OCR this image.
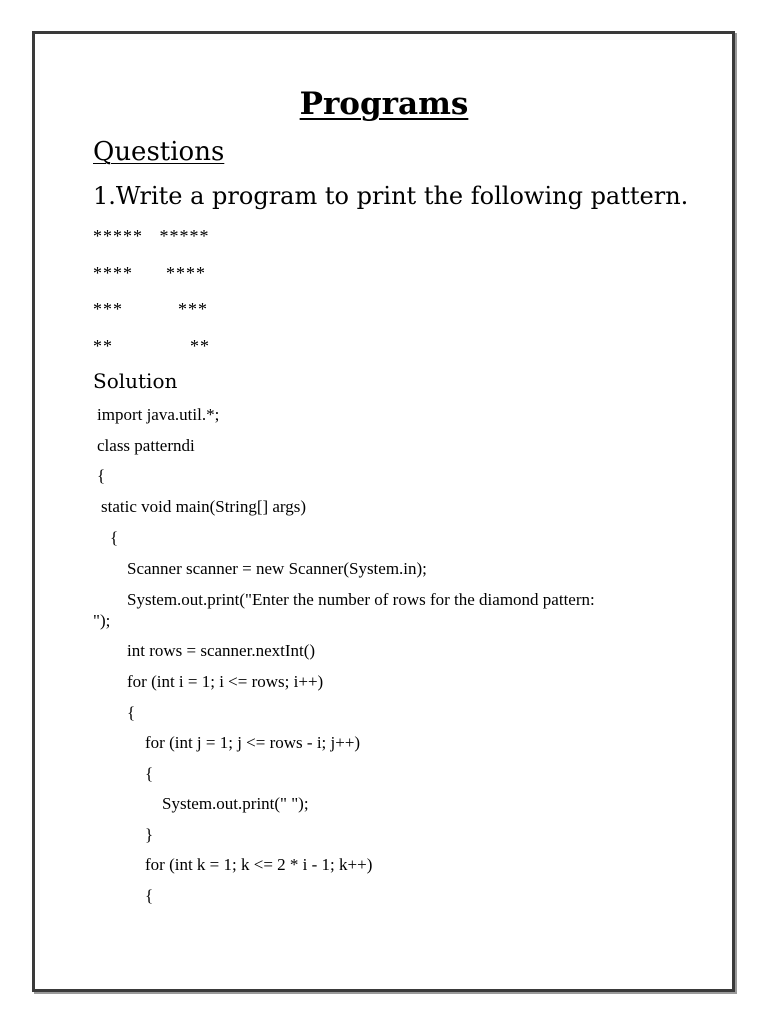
Programs
Questions
1.Write a program to print the following pattern.
*****   *****
****      ****
***          ***
**              **
Solution
import java.util.*;
class patterndi
{
static void main(String[] args)
{
Scanner scanner = new Scanner(System.in);
System.out.print("Enter the number of rows for the diamond pattern:
");
int rows = scanner.nextInt()
for (int i = 1; i <= rows; i++)
{
for (int j = 1; j <= rows - i; j++)
{
System.out.print(" ");
}
for (int k = 1; k <= 2 * i - 1; k++)
{
